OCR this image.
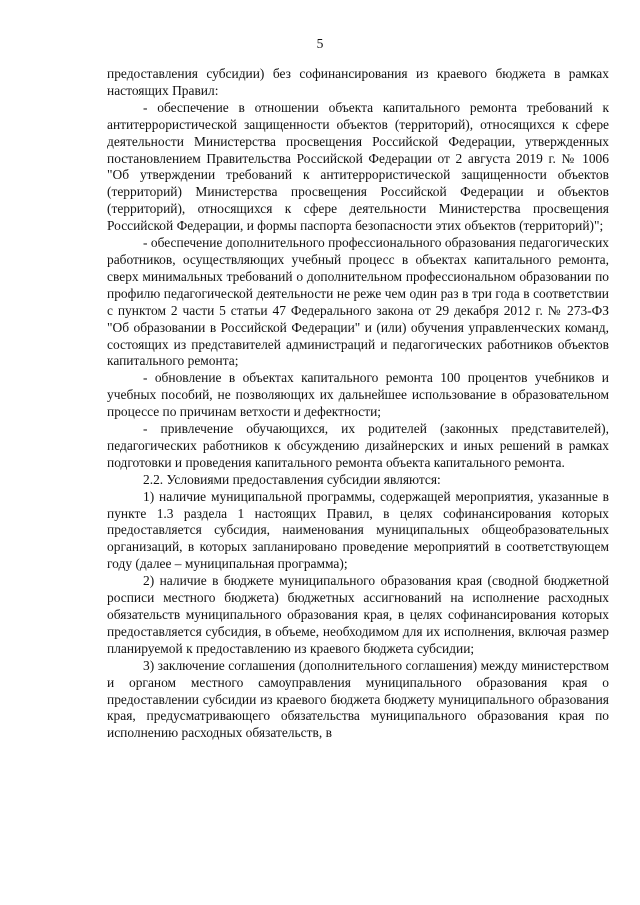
5

предоставления субсидии) без софинансирования из краевого бюджета в рамках настоящих Правил:

- обеспечение в отношении объекта капитального ремонта требований к антитеррористической защищенности объектов (территорий), относящихся к сфере деятельности Министерства просвещения Российской Федерации, утвержденных постановлением Правительства Российской Федерации от 2 августа 2019 г. № 1006 "Об утверждении требований к антитеррористической защищенности объектов (территорий) Министерства просвещения Российской Федерации и объектов (территорий), относящихся к сфере деятельности Министерства просвещения Российской Федерации, и формы паспорта безопасности этих объектов (территорий)";

- обеспечение дополнительного профессионального образования педагогических работников, осуществляющих учебный процесс в объектах капитального ремонта, сверх минимальных требований о дополнительном профессиональном образовании по профилю педагогической деятельности не реже чем один раз в три года в соответствии с пунктом 2 части 5 статьи 47 Федерального закона от 29 декабря 2012 г. № 273-ФЗ "Об образовании в Российской Федерации" и (или) обучения управленческих команд, состоящих из представителей администраций и педагогических работников объектов капитального ремонта;

- обновление в объектах капитального ремонта 100 процентов учебников и учебных пособий, не позволяющих их дальнейшее использование в образовательном процессе по причинам ветхости и дефектности;

- привлечение обучающихся, их родителей (законных представителей), педагогических работников к обсуждению дизайнерских и иных решений в рамках подготовки и проведения капитального ремонта объекта капитального ремонта.

2.2. Условиями предоставления субсидии являются:

1) наличие муниципальной программы, содержащей мероприятия, указанные в пункте 1.3 раздела 1 настоящих Правил, в целях софинансирования которых предоставляется субсидия, наименования муниципальных общеобразовательных организаций, в которых запланировано проведение мероприятий в соответствующем году (далее – муниципальная программа);

2) наличие в бюджете муниципального образования края (сводной бюджетной росписи местного бюджета) бюджетных ассигнований на исполнение расходных обязательств муниципального образования края, в целях софинансирования которых предоставляется субсидия, в объеме, необходимом для их исполнения, включая размер планируемой к предоставлению из краевого бюджета субсидии;

3) заключение соглашения (дополнительного соглашения) между министерством и органом местного самоуправления муниципального образования края о предоставлении субсидии из краевого бюджета бюджету муниципального образования края, предусматривающего обязательства муниципального образования края по исполнению расходных обязательств, в
